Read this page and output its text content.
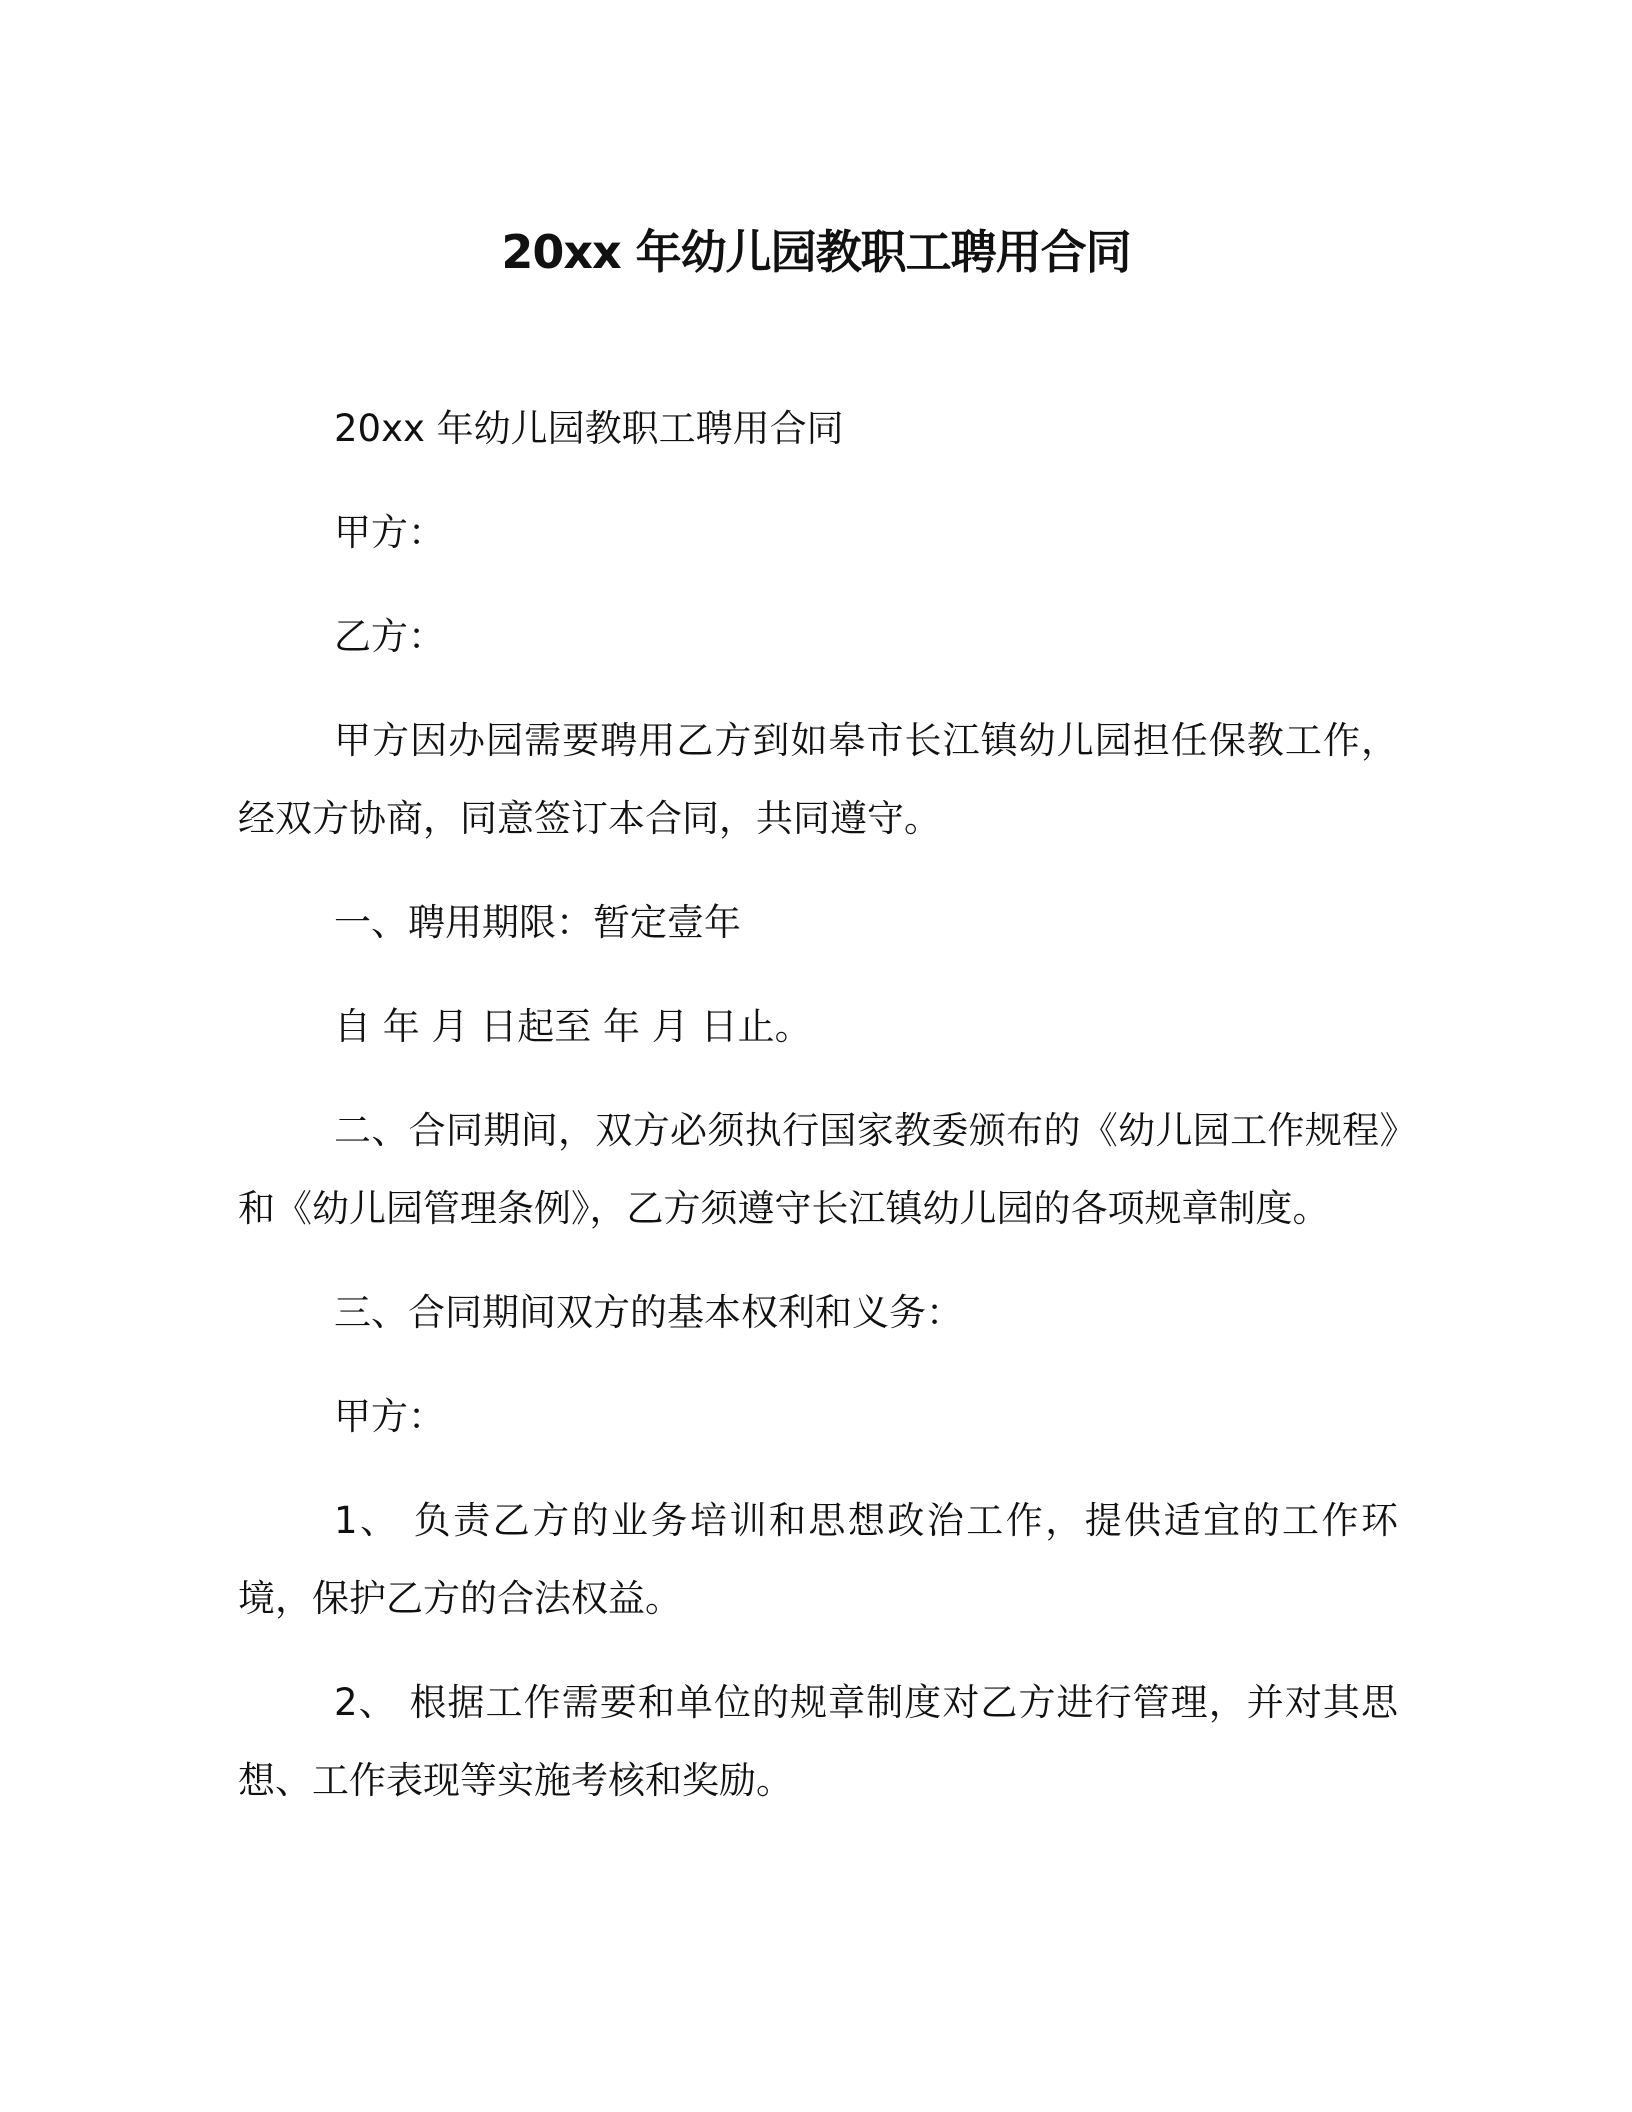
20xx 年幼儿园教职工聘用合同

20xx 年幼儿园教职工聘用合同

甲方：

乙方：

甲方因办园需要聘用乙方到如皋市长江镇幼儿园担任保教工作，经双方协商，同意签订本合同，共同遵守。

一、聘用期限：暂定壹年

自 年 月 日起至 年 月 日止。

二、合同期间，双方必须执行国家教委颁布的《幼儿园工作规程》和《幼儿园管理条例》，乙方须遵守长江镇幼儿园的各项规章制度。

三、合同期间双方的基本权利和义务：

甲方：

1、 负责乙方的业务培训和思想政治工作，提供适宜的工作环境，保护乙方的合法权益。

2、 根据工作需要和单位的规章制度对乙方进行管理，并对其思想、工作表现等实施考核和奖励。
